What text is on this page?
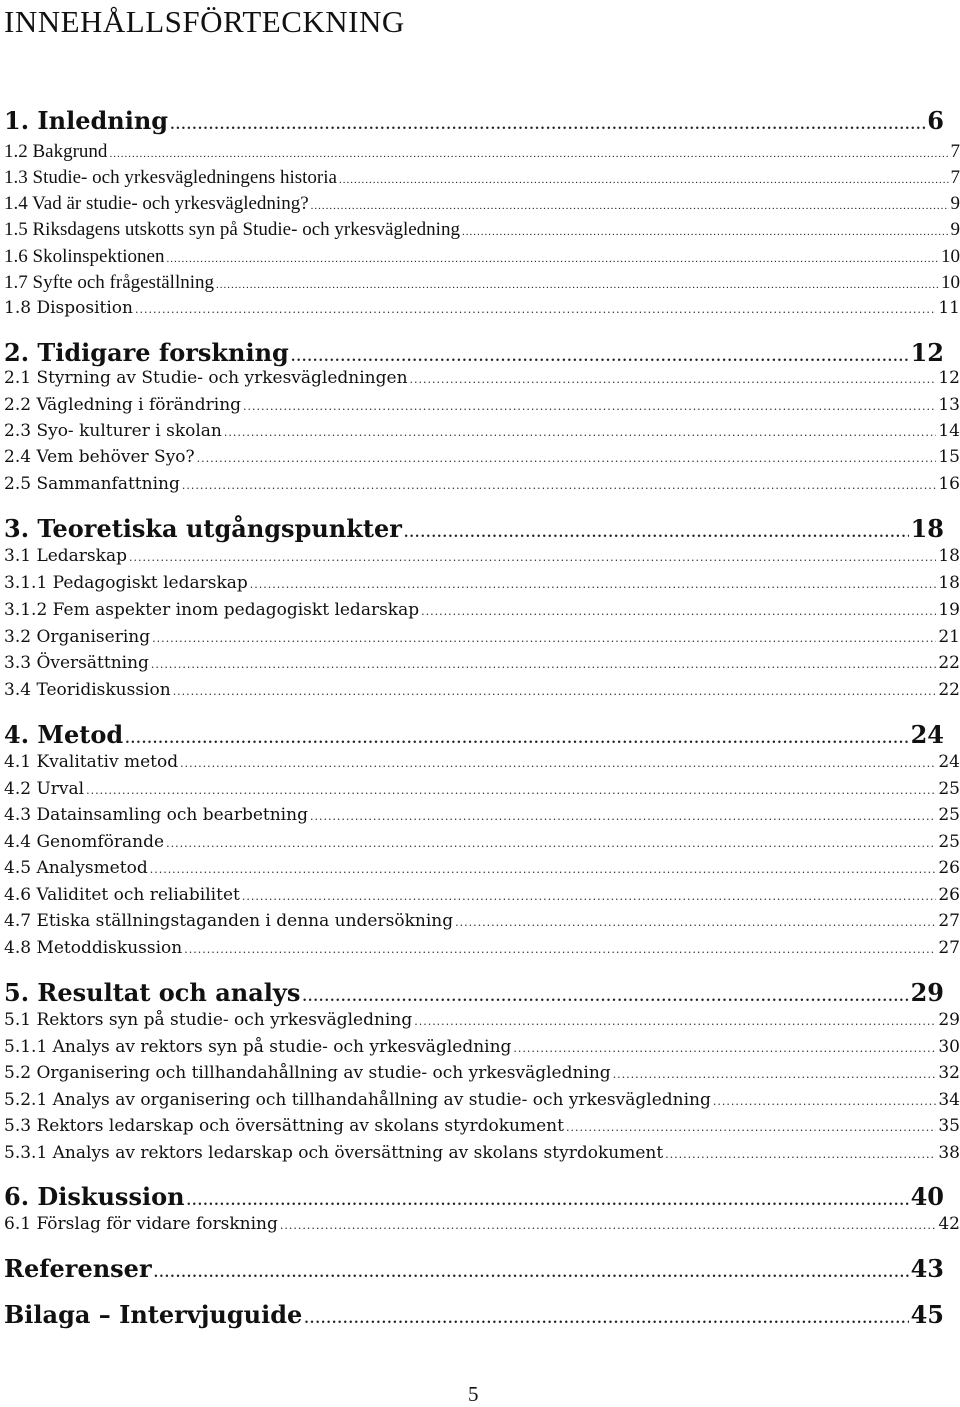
INNEHÅLLSFÖRTECKNING
1. Inledning .....	6
1.2 Bakgrund .....	7
1.3 Studie- och yrkesvägledningens historia .....	7
1.4 Vad är studie- och yrkesvägledning? .....	9
1.5 Riksdagens utskotts syn på Studie- och yrkesvägledning .....	9
1.6 Skolinspektionen .....	10
1.7 Syfte och frågeställning .....	10
1.8 Disposition .....	11
2. Tidigare forskning .....	12
2.1 Styrning av Studie- och yrkesvägledningen .....	12
2.2 Vägledning i förändring .....	13
2.3 Syo- kulturer i skolan .....	14
2.4 Vem behöver Syo? .....	15
2.5 Sammanfattning .....	16
3. Teoretiska utgångspunkter .....	18
3.1 Ledarskap .....	18
3.1.1 Pedagogiskt ledarskap .....	18
3.1.2 Fem aspekter inom pedagogiskt ledarskap .....	19
3.2 Organisering .....	21
3.3 Översättning .....	22
3.4 Teoridiskussion .....	22
4. Metod .....	24
4.1 Kvalitativ metod .....	24
4.2 Urval .....	25
4.3 Datainsamling och bearbetning .....	25
4.4 Genomförande .....	25
4.5 Analysmetod .....	26
4.6 Validitet och reliabilitet .....	26
4.7 Etiska ställningstaganden i denna undersökning .....	27
4.8 Metoddiskussion .....	27
5. Resultat och analys .....	29
5.1 Rektors syn på studie- och yrkesvägledning .....	29
5.1.1 Analys av rektors syn på studie- och yrkesvägledning .....	30
5.2 Organisering och tillhandahållning av studie- och yrkesvägledning .....	32
5.2.1 Analys av organisering och tillhandahållning av studie- och yrkesvägledning .....	34
5.3 Rektors ledarskap och översättning av skolans styrdokument .....	35
5.3.1 Analys av rektors ledarskap och översättning av skolans styrdokument .....	38
6. Diskussion .....	40
6.1 Förslag för vidare forskning .....	42
Referenser .....	43
Bilaga – Intervjuguide .....	45
5
